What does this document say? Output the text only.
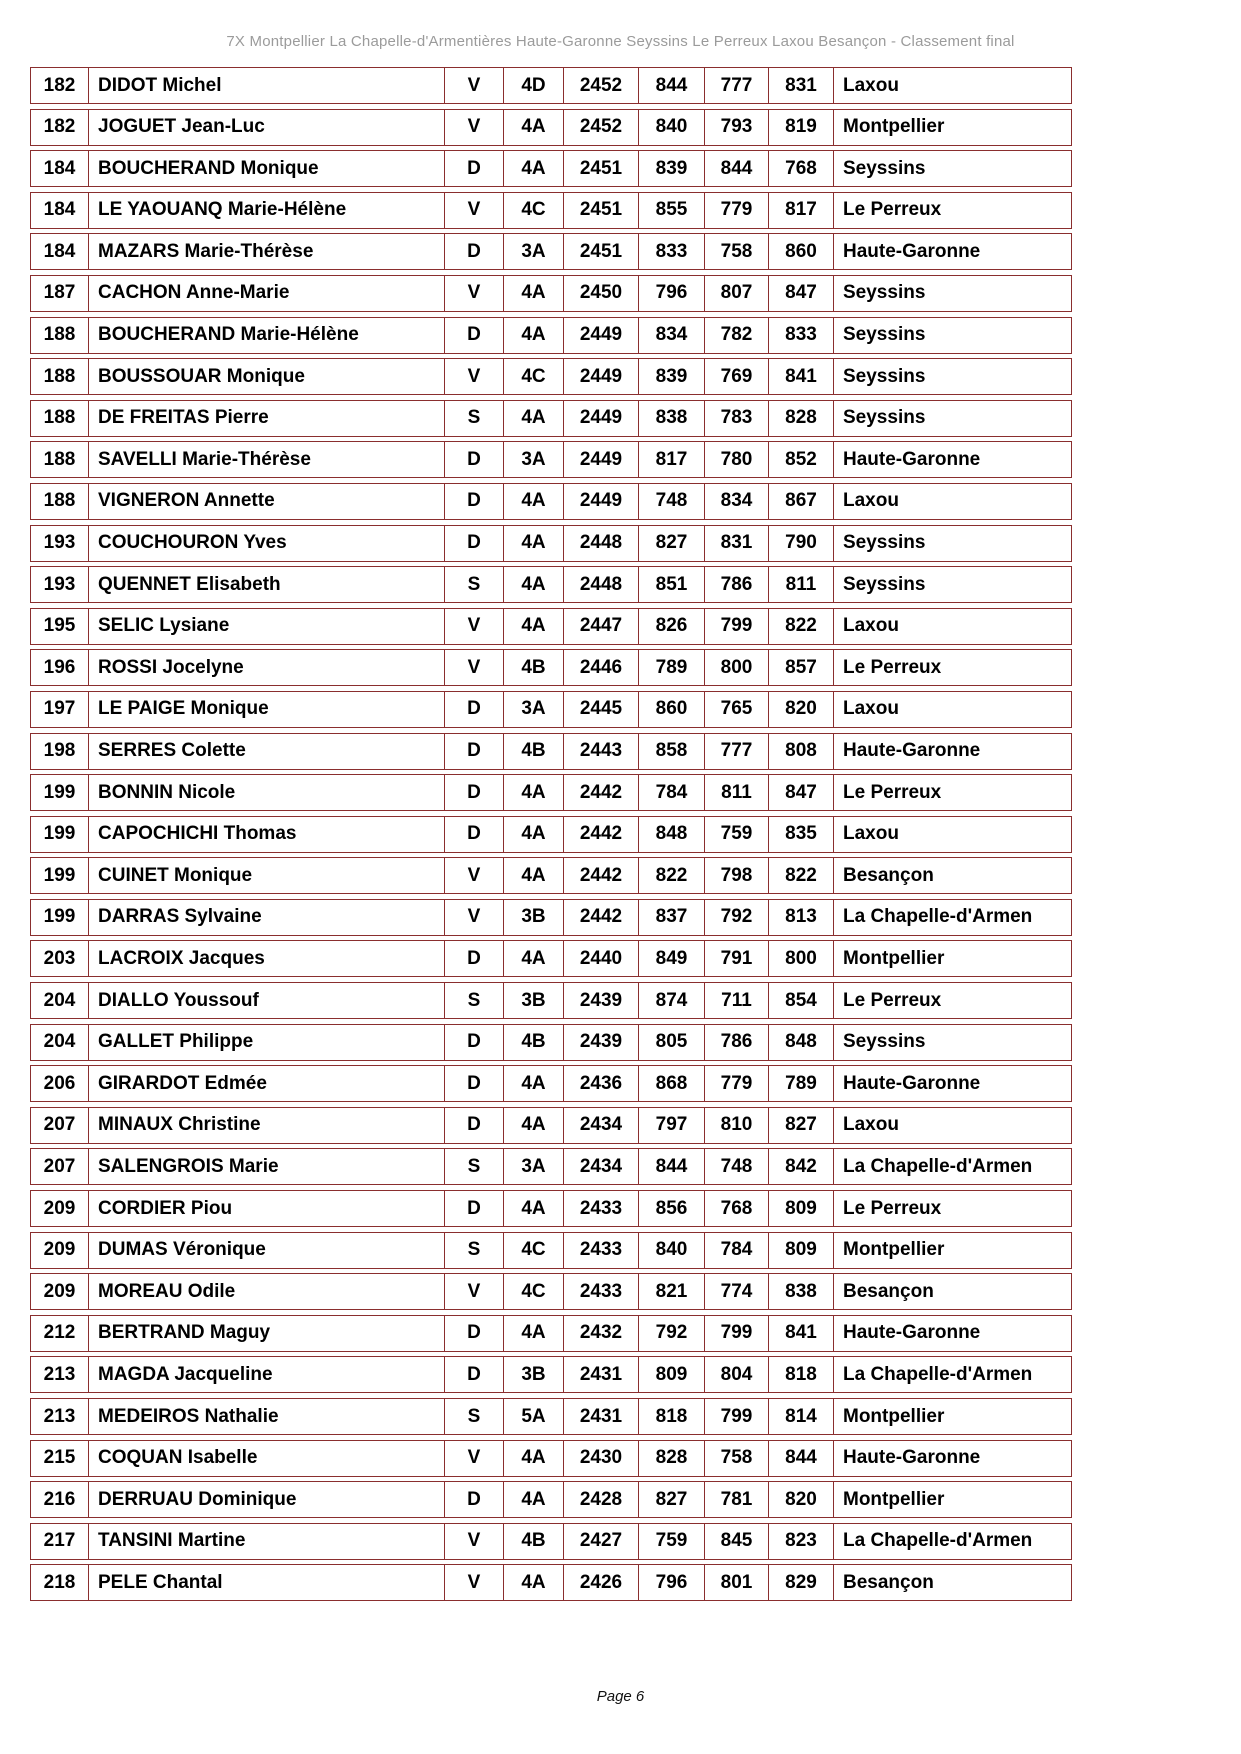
7X Montpellier La Chapelle-d'Armentières Haute-Garonne Seyssins Le Perreux Laxou Besançon - Classement final
182	DIDOT Michel	V	4D	2452	844	777	831	Laxou
182	JOGUET Jean-Luc	V	4A	2452	840	793	819	Montpellier
184	BOUCHERAND Monique	D	4A	2451	839	844	768	Seyssins
184	LE YAOUANQ Marie-Hélène	V	4C	2451	855	779	817	Le Perreux
184	MAZARS Marie-Thérèse	D	3A	2451	833	758	860	Haute-Garonne
187	CACHON Anne-Marie	V	4A	2450	796	807	847	Seyssins
188	BOUCHERAND Marie-Hélène	D	4A	2449	834	782	833	Seyssins
188	BOUSSOUAR Monique	V	4C	2449	839	769	841	Seyssins
188	DE FREITAS Pierre	S	4A	2449	838	783	828	Seyssins
188	SAVELLI Marie-Thérèse	D	3A	2449	817	780	852	Haute-Garonne
188	VIGNERON Annette	D	4A	2449	748	834	867	Laxou
193	COUCHOURON Yves	D	4A	2448	827	831	790	Seyssins
193	QUENNET Elisabeth	S	4A	2448	851	786	811	Seyssins
195	SELIC Lysiane	V	4A	2447	826	799	822	Laxou
196	ROSSI Jocelyne	V	4B	2446	789	800	857	Le Perreux
197	LE PAIGE Monique	D	3A	2445	860	765	820	Laxou
198	SERRES Colette	D	4B	2443	858	777	808	Haute-Garonne
199	BONNIN Nicole	D	4A	2442	784	811	847	Le Perreux
199	CAPOCHICHI Thomas	D	4A	2442	848	759	835	Laxou
199	CUINET Monique	V	4A	2442	822	798	822	Besançon
199	DARRAS Sylvaine	V	3B	2442	837	792	813	La Chapelle-d'Armen
203	LACROIX Jacques	D	4A	2440	849	791	800	Montpellier
204	DIALLO Youssouf	S	3B	2439	874	711	854	Le Perreux
204	GALLET Philippe	D	4B	2439	805	786	848	Seyssins
206	GIRARDOT Edmée	D	4A	2436	868	779	789	Haute-Garonne
207	MINAUX Christine	D	4A	2434	797	810	827	Laxou
207	SALENGROIS Marie	S	3A	2434	844	748	842	La Chapelle-d'Armen
209	CORDIER Piou	D	4A	2433	856	768	809	Le Perreux
209	DUMAS Véronique	S	4C	2433	840	784	809	Montpellier
209	MOREAU Odile	V	4C	2433	821	774	838	Besançon
212	BERTRAND Maguy	D	4A	2432	792	799	841	Haute-Garonne
213	MAGDA Jacqueline	D	3B	2431	809	804	818	La Chapelle-d'Armen
213	MEDEIROS Nathalie	S	5A	2431	818	799	814	Montpellier
215	COQUAN Isabelle	V	4A	2430	828	758	844	Haute-Garonne
216	DERRUAU Dominique	D	4A	2428	827	781	820	Montpellier
217	TANSINI Martine	V	4B	2427	759	845	823	La Chapelle-d'Armen
218	PELE Chantal	V	4A	2426	796	801	829	Besançon
Page 6
